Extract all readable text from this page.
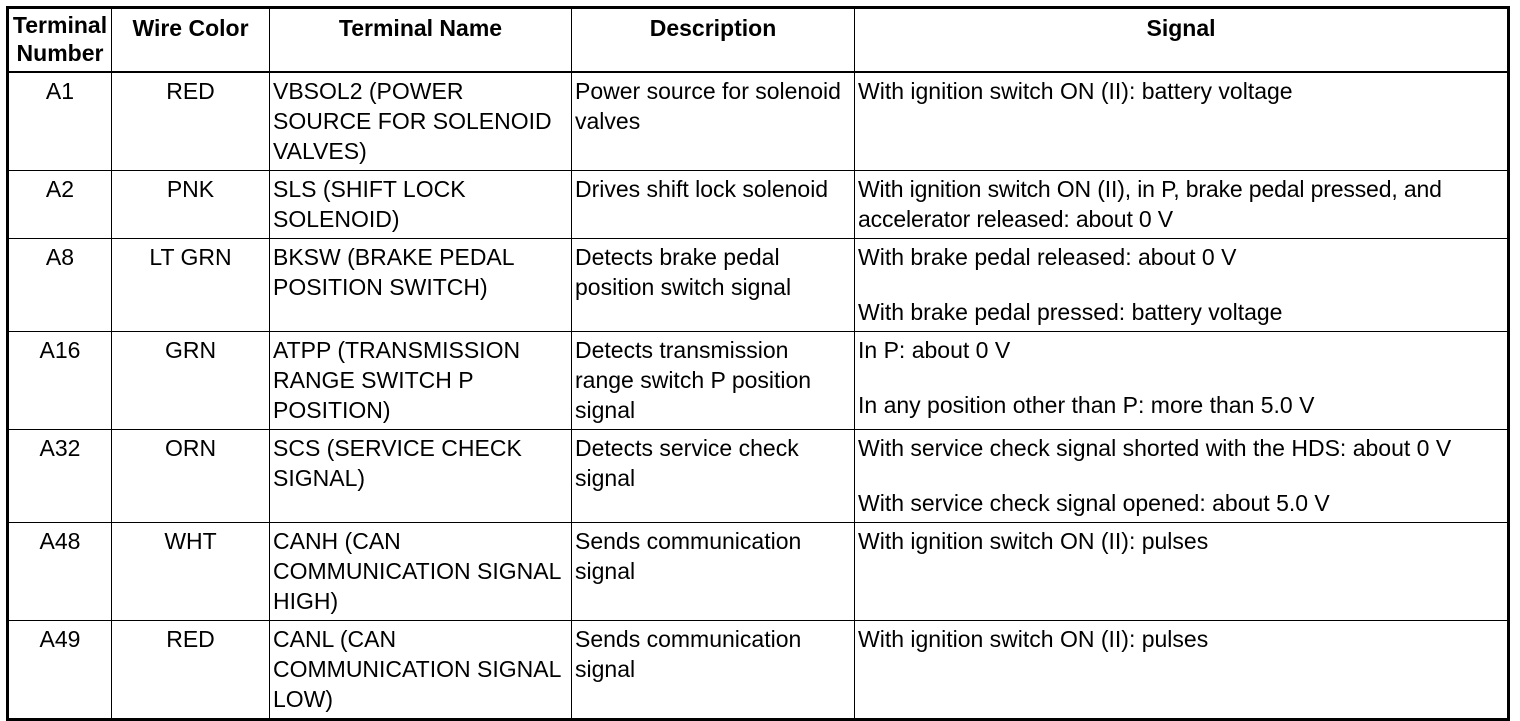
Terminal Number	Wire Color	Terminal Name	Description	Signal
A1	RED	VBSOL2 (POWER SOURCE FOR SOLENOID VALVES)	Power source for solenoid valves	With ignition switch ON (II): battery voltage

A2	PNK	SLS (SHIFT LOCK SOLENOID)	Drives shift lock solenoid	With ignition switch ON (II), in P, brake pedal pressed, and accelerator released: about 0 V

A8	LT GRN	BKSW (BRAKE PEDAL POSITION SWITCH)	Detects brake pedal position switch signal	With brake pedal released: about 0 V
With brake pedal pressed: battery voltage

A16	GRN	ATPP (TRANSMISSION RANGE SWITCH P POSITION)	Detects transmission range switch P position signal	In P: about 0 V
In any position other than P: more than 5.0 V

A32	ORN	SCS (SERVICE CHECK SIGNAL)	Detects service check signal	With service check signal shorted with the HDS: about 0 V
With service check signal opened: about 5.0 V

A48	WHT	CANH (CAN COMMUNICATION SIGNAL HIGH)	Sends communication signal	With ignition switch ON (II): pulses

A49	RED	CANL (CAN COMMUNICATION SIGNAL LOW)	Sends communication signal	With ignition switch ON (II): pulses
